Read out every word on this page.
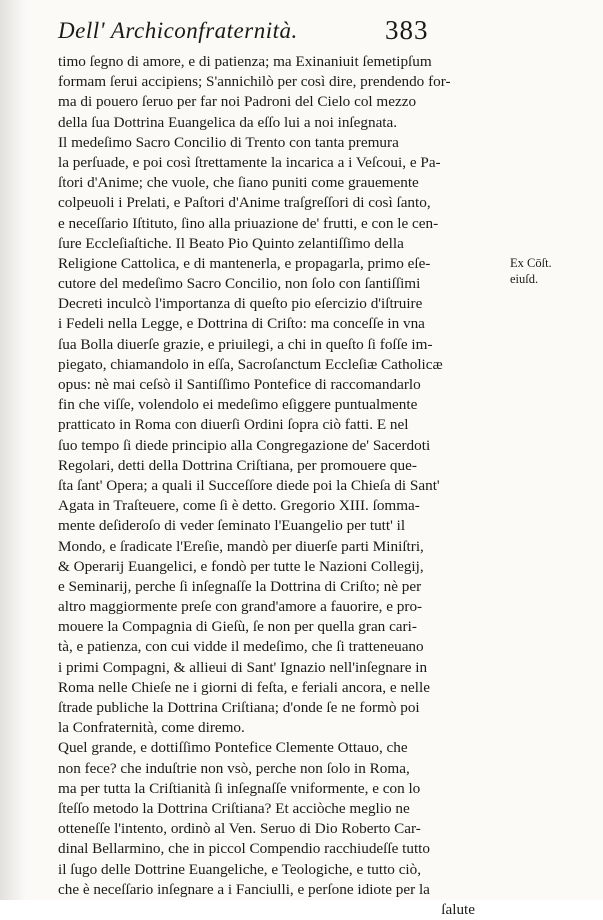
Dell' Archiconfraternità.	383
Ex Cōſt.
eiuſd.
timo ſegno di amore, e di patienza; ma Exinaniuit ſemetipſum
formam ſerui accipiens; S'annichilò per così dire, prendendo for-
ma di pouero ſeruo per far noi Padroni del Cielo col mezzo
della ſua Dottrina Euangelica da eſſo lui a noi inſegnata.
Il medeſimo Sacro Concilio di Trento con tanta premura
la perſuade, e poi così ſtrettamente la incarica a i Veſcoui, e Pa-
ſtori d'Anime; che vuole, che ſiano puniti come grauemente
colpeuoli i Prelati, e Paſtori d'Anime traſgreſſori di così ſanto,
e neceſſario Iſtituto, ſino alla priuazione de' frutti, e con le cen-
ſure Eccleſiaſtiche. Il Beato Pio Quinto zelantiſſimo della
Religione Cattolica, e di mantenerla, e propagarla, primo eſe-
cutore del medeſimo Sacro Concilio, non ſolo con ſantiſſimi
Decreti inculcò l'importanza di queſto pio eſercizio d'iſtruire
i Fedeli nella Legge, e Dottrina di Criſto: ma conceſſe in vna
ſua Bolla diuerſe grazie, e priuilegi, a chi in queſto ſi foſſe im-
piegato, chiamandolo in eſſa, Sacroſanctum Eccleſiæ Catholicæ
opus: nè mai ceſsò il Santiſſimo Pontefice di raccomandarlo
fin che viſſe, volendolo ei medeſimo eſiggere puntualmente
pratticato in Roma con diuerſi Ordini ſopra ciò fatti. E nel
ſuo tempo ſi diede principio alla Congregazione de' Sacerdoti
Regolari, detti della Dottrina Criſtiana, per promouere que-
ſta ſant' Opera; a quali il Succeſſore diede poi la Chieſa di Sant'
Agata in Traſteuere, come ſi è detto. Gregorio XIII. ſomma-
mente deſideroſo di veder ſeminato l'Euangelio per tutt' il
Mondo, e ſradicate l'Ereſie, mandò per diuerſe parti Miniſtri,
& Operarij Euangelici, e fondò per tutte le Nazioni Collegij,
e Seminarij, perche ſi inſegnaſſe la Dottrina di Criſto; nè per
altro maggiormente preſe con grand'amore a fauorire, e pro-
mouere la Compagnia di Gieſù, ſe non per quella gran cari-
tà, e patienza, con cui vidde il medeſimo, che ſi tratteneuano
i primi Compagni, & allieui di Sant' Ignazio nell'inſegnare in
Roma nelle Chieſe ne i giorni di feſta, e feriali ancora, e nelle
ſtrade publiche la Dottrina Criſtiana; d'onde ſe ne formò poi
la Confraternità, come diremo.
Quel grande, e dottiſſimo Pontefice Clemente Ottauo, che
non fece? che induſtrie non vsò, perche non ſolo in Roma,
ma per tutta la Criſtianità ſi inſegnaſſe vniformente, e con lo
ſteſſo metodo la Dottrina Criſtiana? Et acciòche meglio ne
otteneſſe l'intento, ordinò al Ven. Seruo di Dio Roberto Car-
dinal Bellarmino, che in piccol Compendio racchiudeſſe tutto
il ſugo delle Dottrine Euangeliche, e Teologiche, e tutto ciò,
che è neceſſario inſegnare a i Fanciulli, e perſone idiote per la
ſalute
